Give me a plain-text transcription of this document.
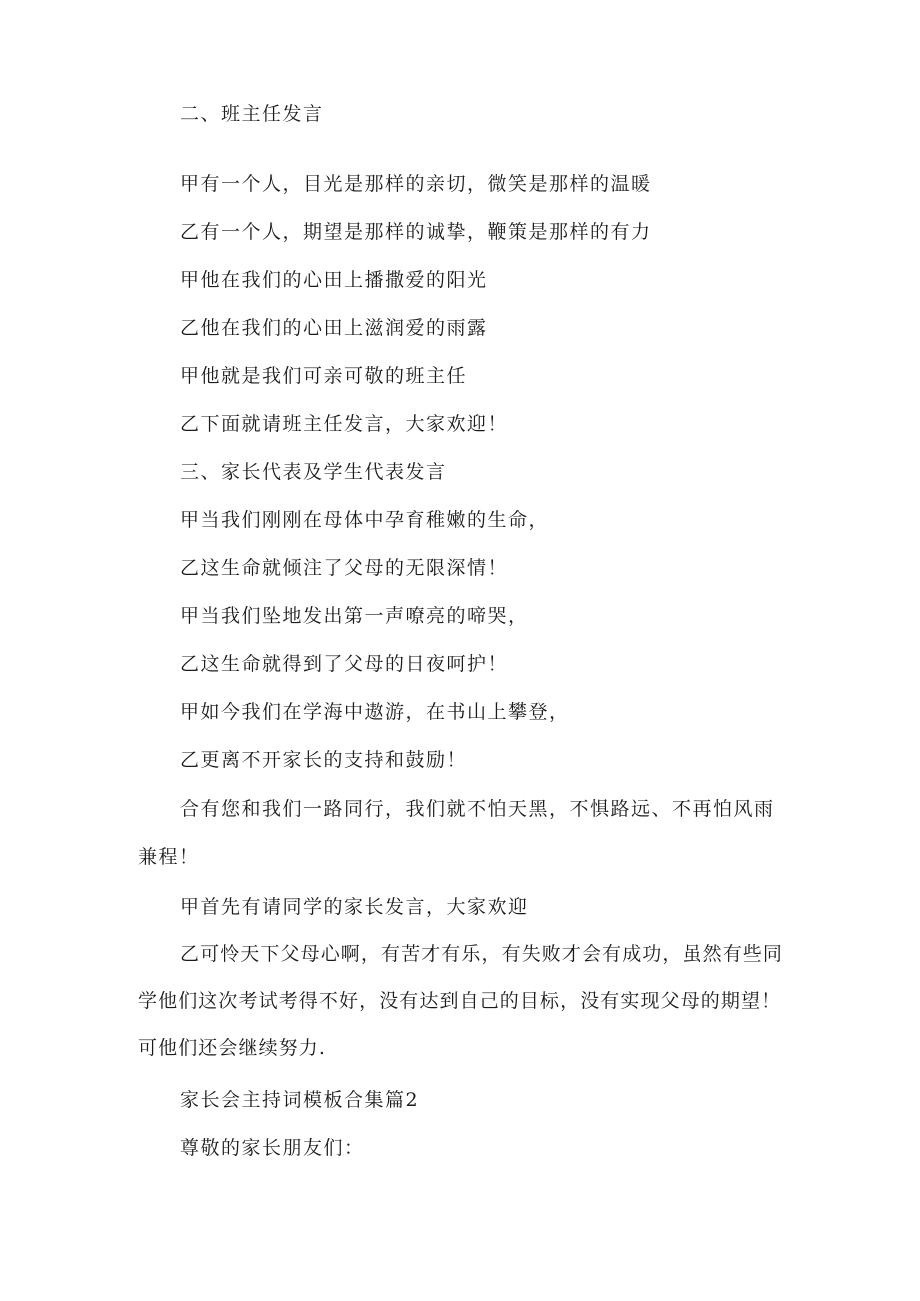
二、班主任发言
甲有一个人，目光是那样的亲切，微笑是那样的温暖
乙有一个人，期望是那样的诚挚，鞭策是那样的有力
甲他在我们的心田上播撒爱的阳光
乙他在我们的心田上滋润爱的雨露
甲他就是我们可亲可敬的班主任
乙下面就请班主任发言，大家欢迎！
三、家长代表及学生代表发言
甲当我们刚刚在母体中孕育稚嫩的生命，
乙这生命就倾注了父母的无限深情！
甲当我们坠地发出第一声嘹亮的啼哭，
乙这生命就得到了父母的日夜呵护！
甲如今我们在学海中遨游，在书山上攀登，
乙更离不开家长的支持和鼓励！
合有您和我们一路同行，我们就不怕天黑，不惧路远、不再怕风雨兼程！
甲首先有请同学的家长发言，大家欢迎
乙可怜天下父母心啊，有苦才有乐，有失败才会有成功，虽然有些同学他们这次考试考得不好，没有达到自己的目标，没有实现父母的期望！可他们还会继续努力.
家长会主持词模板合集篇2
尊敬的家长朋友们：
